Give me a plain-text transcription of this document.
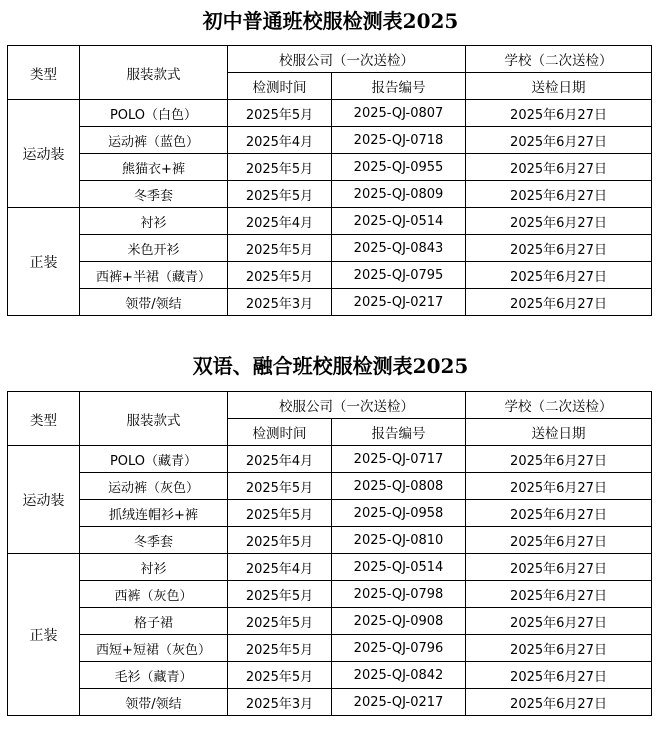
初中普通班校服检测表2025
类型	服装款式	校服公司（一次送检）		学校（二次送检）
		检测时间	报告编号	送检日期
运动装	POLO（白色）	2025年5月	2025-QJ-0807	2025年6月27日
	运动裤（蓝色）	2025年4月	2025-QJ-0718	2025年6月27日
	熊猫衣+裤	2025年5月	2025-QJ-0955	2025年6月27日
	冬季套	2025年5月	2025-QJ-0809	2025年6月27日
正装	衬衫	2025年4月	2025-QJ-0514	2025年6月27日
	米色开衫	2025年5月	2025-QJ-0843	2025年6月27日
	西裤+半裙（藏青）	2025年5月	2025-QJ-0795	2025年6月27日
	领带/领结	2025年3月	2025-QJ-0217	2025年6月27日
双语、融合班校服检测表2025
类型	服装款式	校服公司（一次送检）		学校（二次送检）
		检测时间	报告编号	送检日期
运动装	POLO（藏青）	2025年4月	2025-QJ-0717	2025年6月27日
	运动裤（灰色）	2025年5月	2025-QJ-0808	2025年6月27日
	抓绒连帽衫+裤	2025年5月	2025-QJ-0958	2025年6月27日
	冬季套	2025年5月	2025-QJ-0810	2025年6月27日
正装	衬衫	2025年4月	2025-QJ-0514	2025年6月27日
	西裤（灰色）	2025年5月	2025-QJ-0798	2025年6月27日
	格子裙	2025年5月	2025-QJ-0908	2025年6月27日
	西短+短裙（灰色）	2025年5月	2025-QJ-0796	2025年6月27日
	毛衫（藏青）	2025年5月	2025-QJ-0842	2025年6月27日
	领带/领结	2025年3月	2025-QJ-0217	2025年6月27日
